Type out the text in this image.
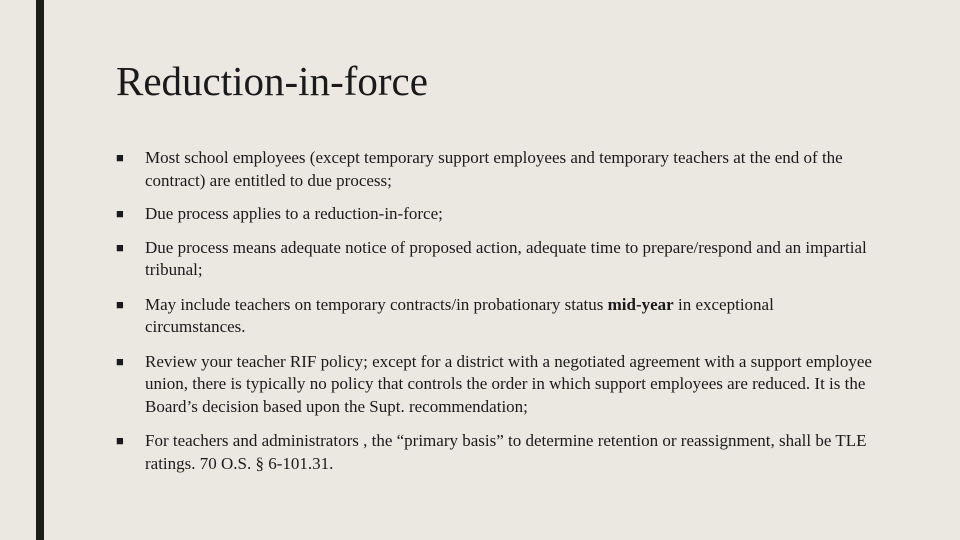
Reduction-in-force
■ Most school employees (except temporary support employees and temporary teachers at the end of the contract) are entitled to due process;
■ Due process applies to a reduction-in-force;
■ Due process means adequate notice of proposed action, adequate time to prepare/respond and an impartial tribunal;
■ May include teachers on temporary contracts/in probationary status mid-year in exceptional circumstances.
■ Review your teacher RIF policy; except for a district with a negotiated agreement with a support employee union, there is typically no policy that controls the order in which support employees are reduced. It is the Board’s decision based upon the Supt. recommendation;
■ For teachers and administrators , the “primary basis” to determine retention or reassignment, shall be TLE ratings. 70 O.S. § 6-101.31.
